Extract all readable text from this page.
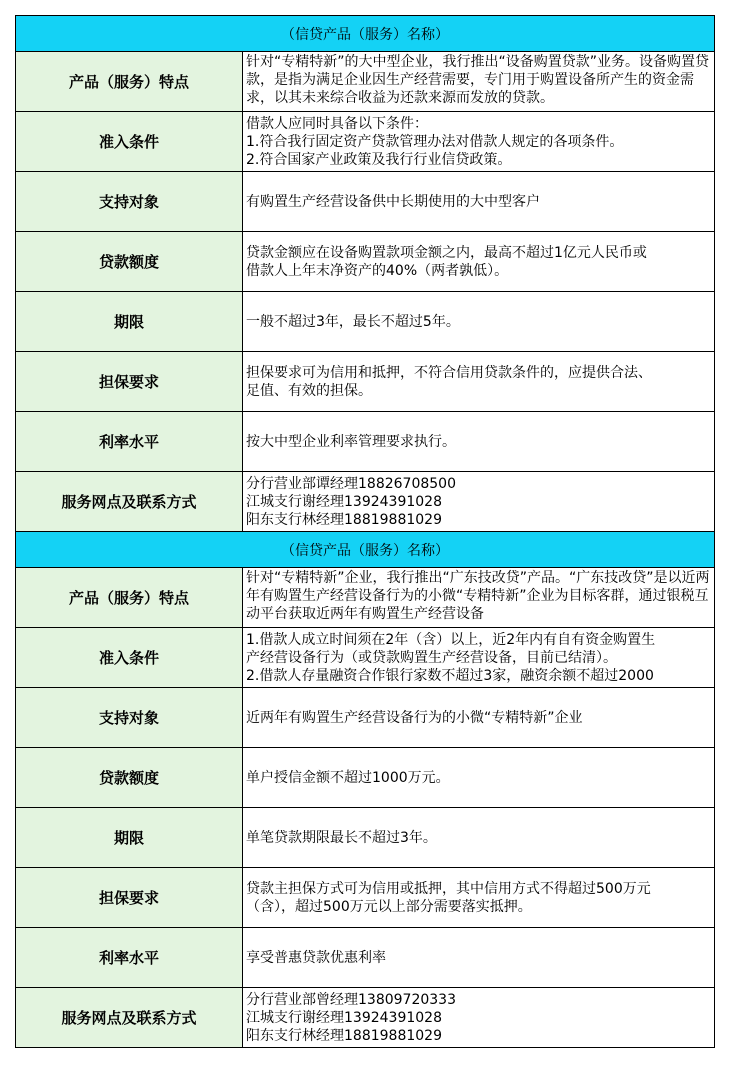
（信贷产品（服务）名称）	
产品（服务）特点	针对“专精特新”的大中型企业，我行推出“设备购置贷款”业务。设备购置贷款，是指为满足企业因生产经营需要，专门用于购置设备所产生的资金需求，以其未来综合收益为还款来源而发放的贷款。

准入条件	借款人应同时具备以下条件：
1.符合我行固定资产贷款管理办法对借款人规定的各项条件。
2.符合国家产业政策及我行行业信贷政策。

支持对象	有购置生产经营设备供中长期使用的大中型客户
贷款额度	贷款金额应在设备购置款项金额之内，最高不超过1亿元人民币或
借款人上年末净资产的40%（两者孰低）。

期限	一般不超过3年，最长不超过5年。
担保要求	担保要求可为信用和抵押，不符合信用贷款条件的，应提供合法、
足值、有效的担保。

利率水平	按大中型企业利率管理要求执行。
服务网点及联系方式	分行营业部谭经理18826708500
江城支行谢经理13924391028
阳东支行林经理18819881029

（信贷产品（服务）名称）	
产品（服务）特点	针对“专精特新”企业，我行推出“广东技改贷”产品。“广东技改贷”是以近两年有购置生产经营设备行为的小微“专精特新”企业为目标客群，通过银税互动平台获取近两年有购置生产经营设备

准入条件	1.借款人成立时间须在2年（含）以上，近2年内有自有资金购置生
产经营设备行为（或贷款购置生产经营设备，目前已结清）。
2.借款人存量融资合作银行家数不超过3家，融资余额不超过2000

支持对象	近两年有购置生产经营设备行为的小微“专精特新”企业
贷款额度	单户授信金额不超过1000万元。
期限	单笔贷款期限最长不超过3年。
担保要求	贷款主担保方式可为信用或抵押，其中信用方式不得超过500万元
（含），超过500万元以上部分需要落实抵押。

利率水平	享受普惠贷款优惠利率
服务网点及联系方式	分行营业部曾经理13809720333
江城支行谢经理13924391028
阳东支行林经理18819881029
